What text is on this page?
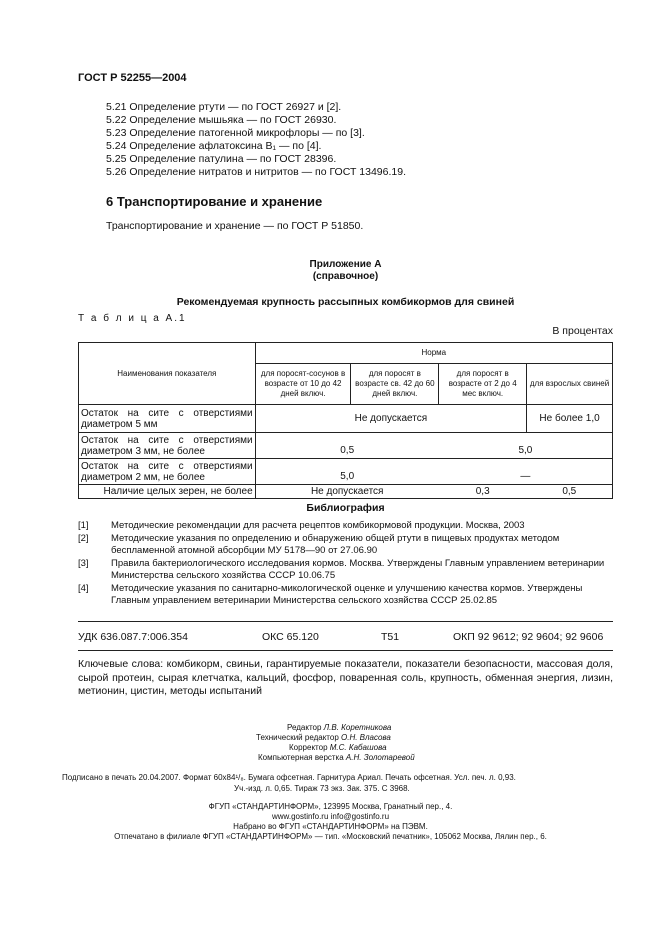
ГОСТ Р 52255—2004
5.21 Определение ртути — по ГОСТ 26927 и [2].
5.22 Определение мышьяка — по ГОСТ 26930.
5.23 Определение патогенной микрофлоры — по [3].
5.24 Определение афлатоксина B₁ — по [4].
5.25 Определение патулина — по ГОСТ 28396.
5.26 Определение нитратов и нитритов — по ГОСТ 13496.19.
6 Транспортирование и хранение
Транспортирование и хранение — по ГОСТ Р 51850.
Приложение А
(справочное)
Рекомендуемая крупность рассыпных комбикормов для свиней
Т а б л и ц а А.1
В процентах
Наименования показателя	Норма			
	для поросят-сосунов в возрасте от 10 до 42 дней включ.	для поросят в возрасте св. 42 до 60 дней включ.	для поросят в возрасте от 2 до 4 мес включ.	для взрослых свиней
Остаток на сите с отверстиями диаметром 5 мм	Не допускается			Не более 1,0
Остаток на сите с отверстиями диаметром 3 мм, не более	0,5		5,0	
Остаток на сите с отверстиями диаметром 2 мм, не более	5,0		—	
Наличие целых зерен, не более	Не допускается		0,3	0,5
Библиография
[1] Методические рекомендации для расчета рецептов комбикормовой продукции. Москва, 2003
[2] Методические указания по определению и обнаружению общей ртути в пищевых продуктах методом беспламенной атомной абсорбции МУ 5178—90 от 27.06.90
[3] Правила бактериологического исследования кормов. Москва. Утверждены Главным управлением ветеринарии Министерства сельского хозяйства СССР 10.06.75
[4] Методические указания по санитарно-микологической оценке и улучшению качества кормов. Утверждены Главным управлением ветеринарии Министерства сельского хозяйства СССР 25.02.85
УДК 636.087.7:006.354	ОКС 65.120	Т51	ОКП 92 9612; 92 9604; 92 9606
Ключевые слова: комбикорм, свиньи, гарантируемые показатели, показатели безопасности, массовая доля, сырой протеин, сырая клетчатка, кальций, фосфор, поваренная соль, крупность, обменная энергия, лизин, метионин, цистин, методы испытаний
Редактор Л.В. Коретникова
Технический редактор О.Н. Власова
Корректор М.С. Кабашова
Компьютерная верстка А.Н. Золотаревой
Подписано в печать 20.04.2007. Формат 60x84¹/₈. Бумага офсетная. Гарнитура Ариал. Печать офсетная. Усл. печ. л. 0,93.
Уч.-изд. л. 0,65. Тираж 73 экз. Зак. 375. С 3968.
ФГУП «СТАНДАРТИНФОРМ», 123995 Москва, Гранатный пер., 4.
www.gostinfo.ru info@gostinfo.ru
Набрано во ФГУП «СТАНДАРТИНФОРМ» на ПЭВМ.
Отпечатано в филиале ФГУП «СТАНДАРТИНФОРМ» — тип. «Московский печатник», 105062 Москва, Лялин пер., 6.
